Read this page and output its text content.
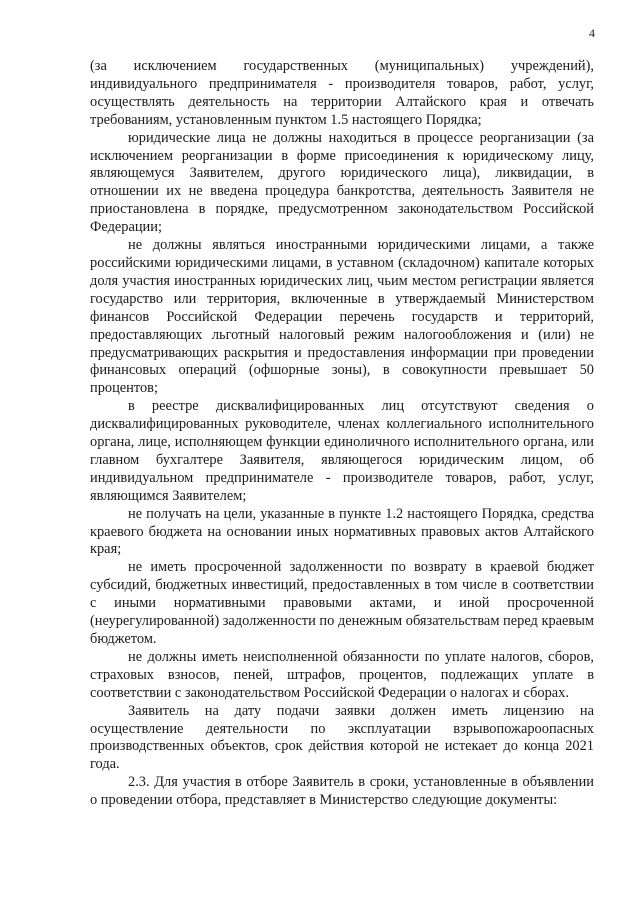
4

(за исключением государственных (муниципальных) учреждений), индивидуального предпринимателя - производителя товаров, работ, услуг, осуществлять деятельность на территории Алтайского края и отвечать требованиям, установленным пунктом 1.5 настоящего Порядка;

юридические лица не должны находиться в процессе реорганизации (за исключением реорганизации в форме присоединения к юридическому лицу, являющемуся Заявителем, другого юридического лица), ликвидации, в отношении их не введена процедура банкротства, деятельность Заявителя не приостановлена в порядке, предусмотренном законодательством Российской Федерации;

не должны являться иностранными юридическими лицами, а также российскими юридическими лицами, в уставном (складочном) капитале которых доля участия иностранных юридических лиц, чьим местом регистрации является государство или территория, включенные в утверждаемый Министерством финансов Российской Федерации перечень государств и территорий, предоставляющих льготный налоговый режим налогообложения и (или) не предусматривающих раскрытия и предоставления информации при проведении финансовых операций (офшорные зоны), в совокупности превышает 50 процентов;

в реестре дисквалифицированных лиц отсутствуют сведения о дисквалифицированных руководителе, членах коллегиального исполнительного органа, лице, исполняющем функции единоличного исполнительного органа, или главном бухгалтере Заявителя, являющегося юридическим лицом, об индивидуальном предпринимателе - производителе товаров, работ, услуг, являющимся Заявителем;

не получать на цели, указанные в пункте 1.2 настоящего Порядка, средства краевого бюджета на основании иных нормативных правовых актов Алтайского края;

не иметь просроченной задолженности по возврату в краевой бюджет субсидий, бюджетных инвестиций, предоставленных в том числе в соответствии с иными нормативными правовыми актами, и иной просроченной (неурегулированной) задолженности по денежным обязательствам перед краевым бюджетом.

не должны иметь неисполненной обязанности по уплате налогов, сборов, страховых взносов, пеней, штрафов, процентов, подлежащих уплате в соответствии с законодательством Российской Федерации о налогах и сборах.

Заявитель на дату подачи заявки должен иметь лицензию на осуществление деятельности по эксплуатации взрывопожароопасных производственных объектов, срок действия которой не истекает до конца 2021 года.

2.3. Для участия в отборе Заявитель в сроки, установленные в объявлении о проведении отбора, представляет в Министерство следующие документы:
